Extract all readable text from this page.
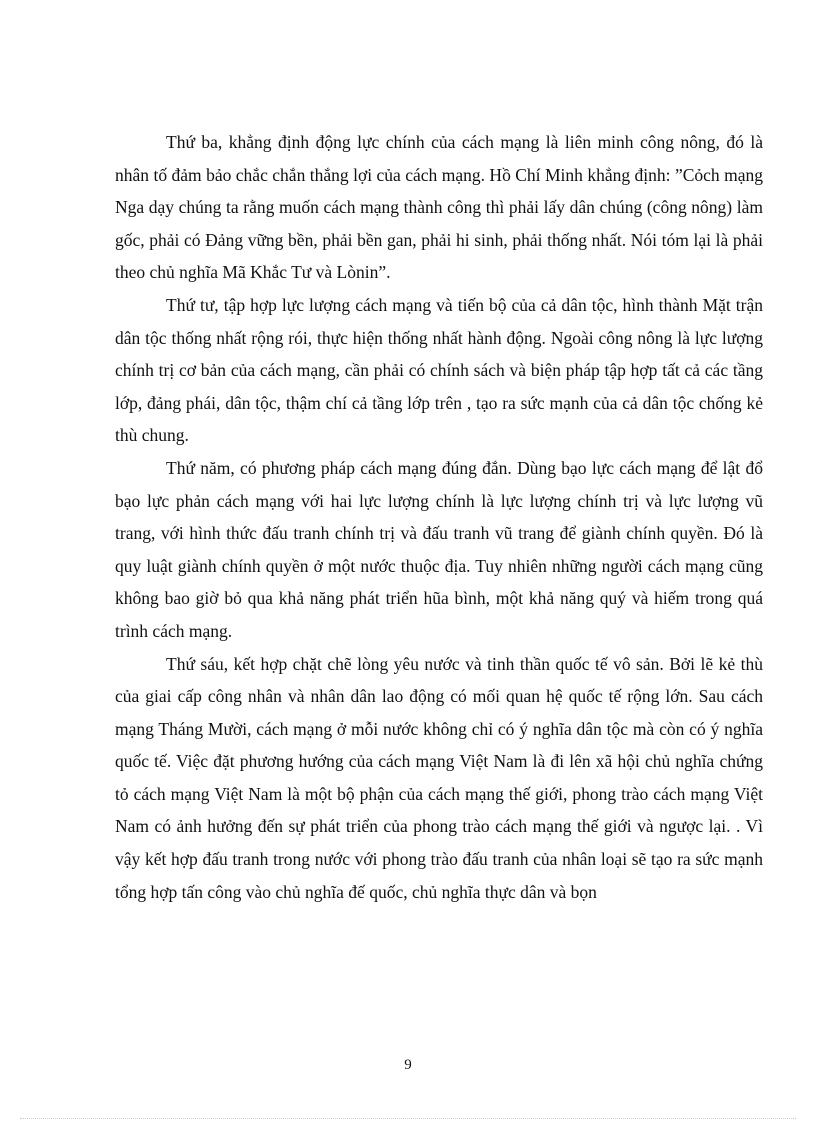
Thứ ba, khẳng định động lực chính của cách mạng là liên minh công nông, đó là nhân tố đảm bảo chắc chắn thắng lợi của cách mạng. Hồ Chí Minh khẳng định: ”Cỏch mạng Nga dạy chúng ta rằng muốn cách mạng thành công thì phải lấy dân chúng (công nông) làm gốc, phải có Đảng vững bền, phải bền gan, phải hi sinh, phải thống nhất. Nói tóm lại là phải theo chủ nghĩa Mã Khắc Tư và Lònin”.

Thứ tư, tập hợp lực lượng cách mạng và tiến bộ của cả dân tộc, hình thành Mặt trận dân tộc thống nhất rộng rói, thực hiện thống nhất hành động. Ngoài công nông là lực lượng chính trị cơ bản của cách mạng, cần phải có chính sách và biện pháp tập hợp tất cả các tầng lớp, đảng phái, dân tộc, thậm chí cả tầng lớp trên , tạo ra sức mạnh của cả dân tộc chống kẻ thù chung.

Thứ năm, có phương pháp cách mạng đúng đắn. Dùng bạo lực cách mạng để lật đổ bạo lực phản cách mạng với hai lực lượng chính là lực lượng chính trị và lực lượng vũ trang, với hình thức đấu tranh chính trị và đấu tranh vũ trang để giành chính quyền. Đó là quy luật giành chính quyền ở một nước thuộc địa. Tuy nhiên những người cách mạng cũng không bao giờ bỏ qua khả năng phát triển hũa bình, một khả năng quý và hiếm trong quá trình cách mạng.

Thứ sáu, kết hợp chặt chẽ lòng yêu nước và tinh thần quốc tế vô sản. Bởi lẽ kẻ thù của giai cấp công nhân và nhân dân lao động có mối quan hệ quốc tế rộng lớn. Sau cách mạng Tháng Mười, cách mạng ở mỗi nước không chỉ có ý nghĩa dân tộc mà còn có ý nghĩa quốc tế. Việc đặt phương hướng của cách mạng Việt Nam là đi lên xã hội chủ nghĩa chứng tỏ cách mạng Việt Nam là một bộ phận của cách mạng thế giới, phong trào cách mạng Việt Nam có ảnh hưởng đến sự phát triển của phong trào cách mạng thế giới và ngược lại. . Vì vậy kết hợp đấu tranh trong nước với phong trào đấu tranh của nhân loại sẽ tạo ra sức mạnh tổng hợp tấn công vào chủ nghĩa đế quốc, chủ nghĩa thực dân và bọn

9
